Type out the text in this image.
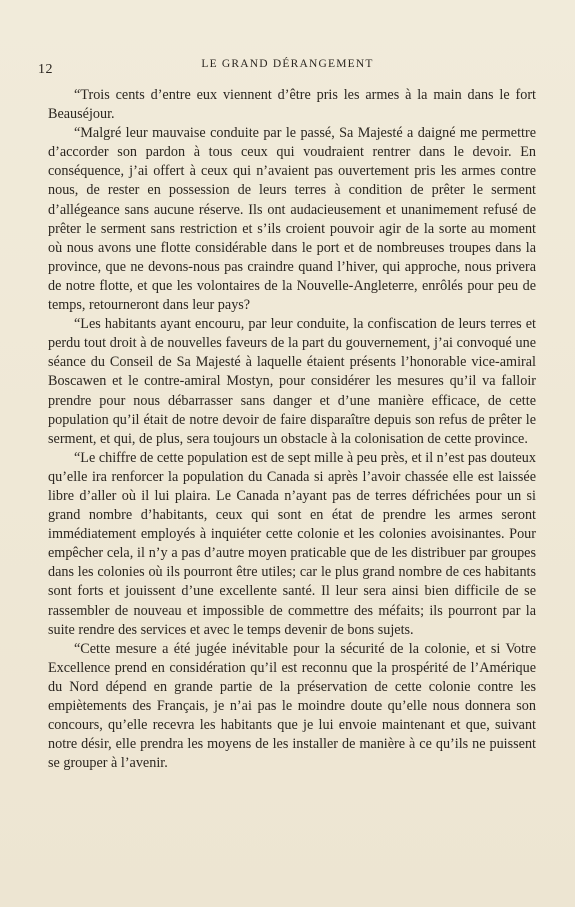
12	LE GRAND DÉRANGEMENT

“Trois cents d’entre eux viennent d’être pris les armes à la main dans le fort Beauséjour.

“Malgré leur mauvaise conduite par le passé, Sa Majesté a daigné me permettre d’accorder son pardon à tous ceux qui voudraient rentrer dans le devoir. En conséquence, j’ai offert à ceux qui n’avaient pas ouvertement pris les armes contre nous, de rester en possession de leurs terres à condition de prêter le serment d’allégeance sans aucune réserve. Ils ont audacieusement et unanimement refusé de prêter le serment sans restriction et s’ils croient pouvoir agir de la sorte au moment où nous avons une flotte considérable dans le port et de nombreuses troupes dans la province, que ne devons-nous pas craindre quand l’hiver, qui approche, nous privera de notre flotte, et que les volontaires de la Nouvelle-Angleterre, enrôlés pour peu de temps, retourneront dans leur pays?

“Les habitants ayant encouru, par leur conduite, la confiscation de leurs terres et perdu tout droit à de nouvelles faveurs de la part du gouvernement, j’ai convoqué une séance du Conseil de Sa Majesté à laquelle étaient présents l’honorable vice-amiral Boscawen et le contre-amiral Mostyn, pour considérer les mesures qu’il va falloir prendre pour nous débarrasser sans danger et d’une manière efficace, de cette population qu’il était de notre devoir de faire disparaître depuis son refus de prêter le serment, et qui, de plus, sera toujours un obstacle à la colonisation de cette province.

“Le chiffre de cette population est de sept mille à peu près, et il n’est pas douteux qu’elle ira renforcer la population du Canada si après l’avoir chassée elle est laissée libre d’aller où il lui plaira. Le Canada n’ayant pas de terres défrichées pour un si grand nombre d’habitants, ceux qui sont en état de prendre les armes seront immédiatement employés à inquiéter cette colonie et les colonies avoisinantes. Pour empêcher cela, il n’y a pas d’autre moyen praticable que de les distribuer par groupes dans les colonies où ils pourront être utiles; car le plus grand nombre de ces habitants sont forts et jouissent d’une excellente santé. Il leur sera ainsi bien difficile de se rassembler de nouveau et impossible de commettre des méfaits; ils pourront par la suite rendre des services et avec le temps devenir de bons sujets.

“Cette mesure a été jugée inévitable pour la sécurité de la colonie, et si Votre Excellence prend en considération qu’il est reconnu que la prospérité de l’Amérique du Nord dépend en grande partie de la préservation de cette colonie contre les empiètements des Français, je n’ai pas le moindre doute qu’elle nous donnera son concours, qu’elle recevra les habitants que je lui envoie maintenant et que, suivant notre désir, elle prendra les moyens de les installer de manière à ce qu’ils ne puissent se grouper à l’avenir.
